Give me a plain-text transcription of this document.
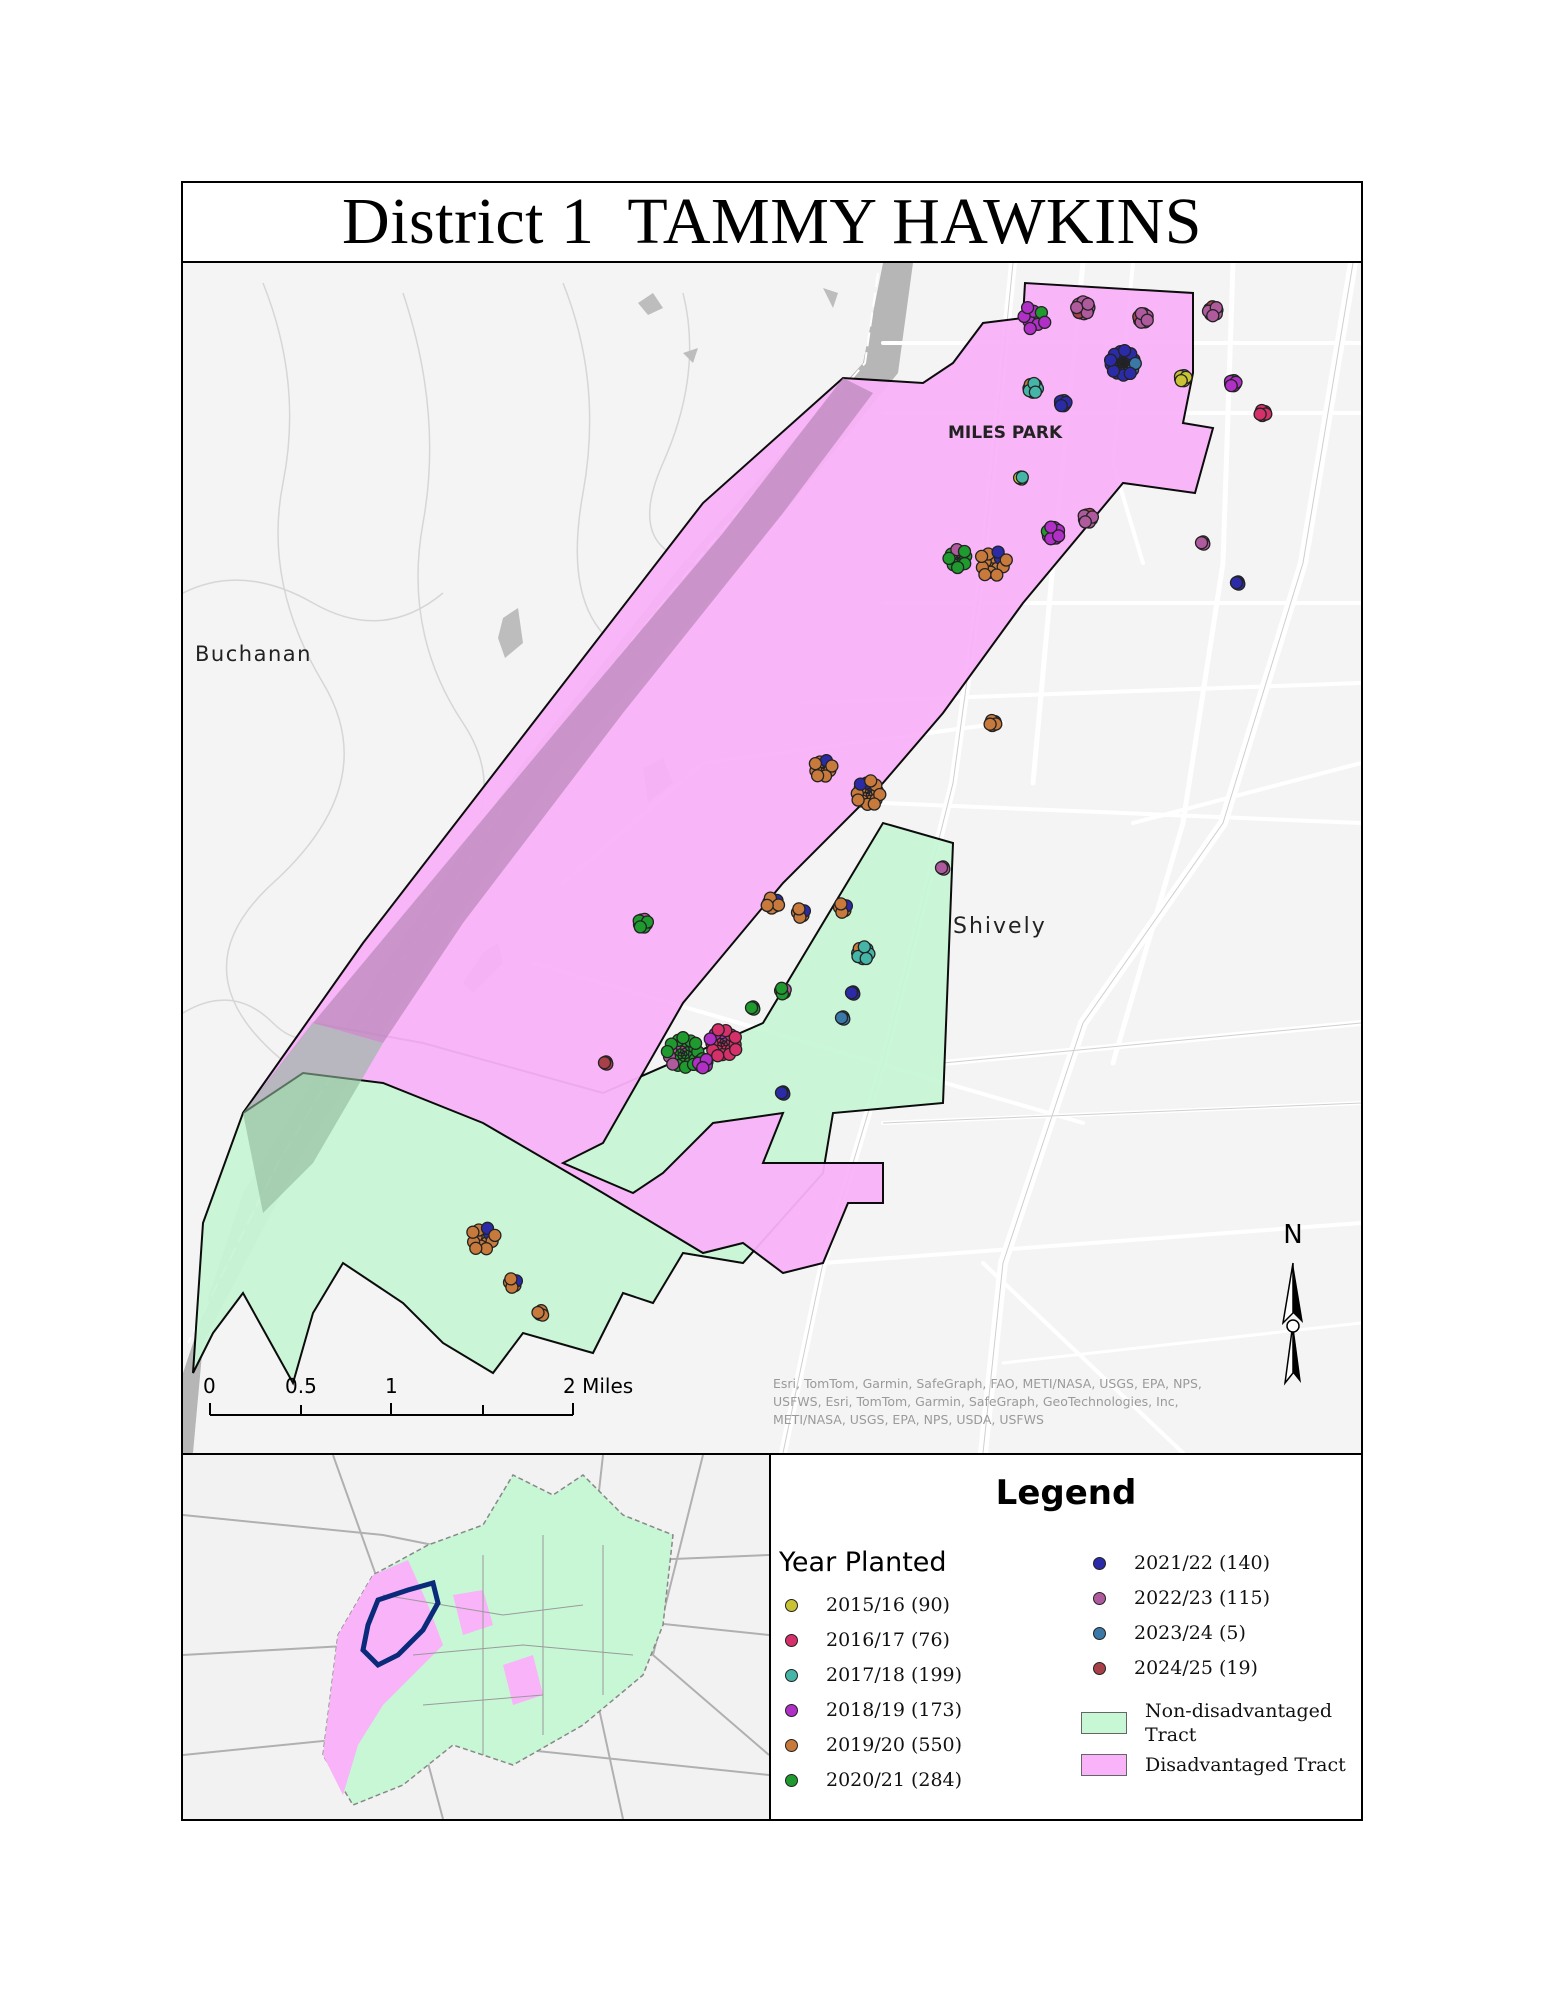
District 1  TAMMY HAWKINS
MILES PARK
Buchanan
Shively
N
0	0.5	1	2 Miles	Esri, TomTom, Garmin, SafeGraph, FAO, METI/NASA, USGS, EPA, NPS,
USFWS, Esri, TomTom, Garmin, SafeGraph, GeoTechnologies, Inc,
METI/NASA, USGS, EPA, NPS, USDA, USFWS
Legend
Year Planted
2015/16 (90)
2016/17 (76)
2017/18 (199)
2018/19 (173)
2019/20 (550)
2020/21 (284)
2021/22 (140)
2022/23 (115)
2023/24 (5)
2024/25 (19)
Non-disadvantaged
Tract
Disadvantaged Tract
